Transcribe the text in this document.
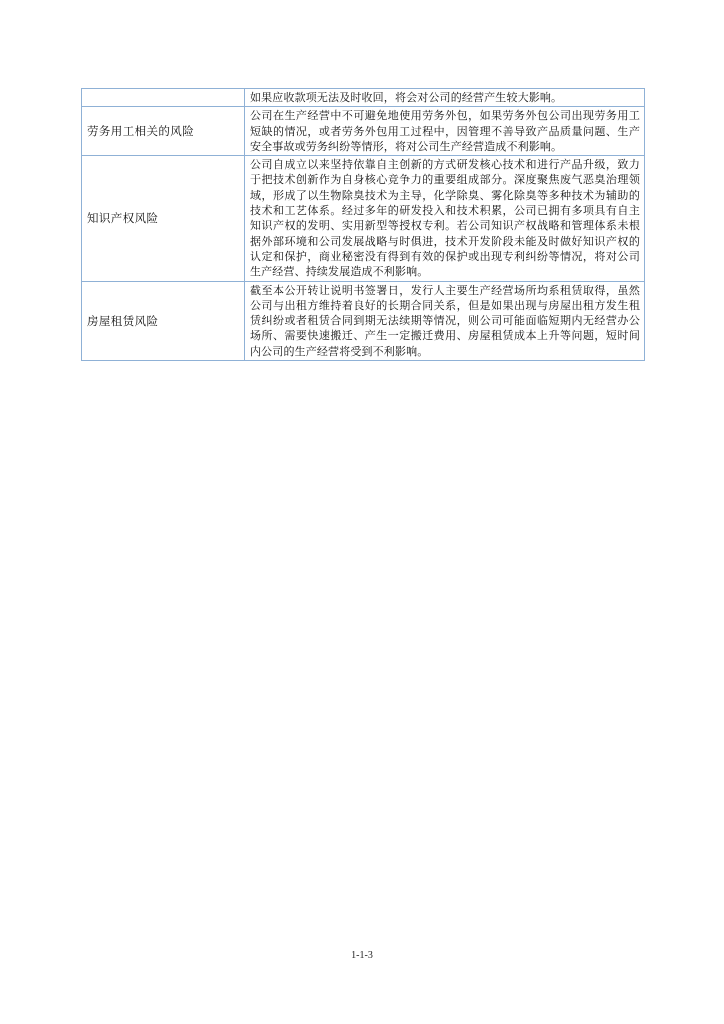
	如果应收款项无法及时收回，将会对公司的经营产生较大影响。
劳务用工相关的风险	公司在生产经营中不可避免地使用劳务外包，如果劳务外包公司出现劳务用工短缺的情况，或者劳务外包用工过程中，因管理不善导致产品质量问题、生产安全事故或劳务纠纷等情形，将对公司生产经营造成不利影响。
知识产权风险	公司自成立以来坚持依靠自主创新的方式研发核心技术和进行产品升级，致力于把技术创新作为自身核心竞争力的重要组成部分。深度聚焦废气恶臭治理领域，形成了以生物除臭技术为主导，化学除臭、雾化除臭等多种技术为辅助的技术和工艺体系。经过多年的研发投入和技术积累，公司已拥有多项具有自主知识产权的发明、实用新型等授权专利。若公司知识产权战略和管理体系未根据外部环境和公司发展战略与时俱进，技术开发阶段未能及时做好知识产权的认定和保护，商业秘密没有得到有效的保护或出现专利纠纷等情况，将对公司生产经营、持续发展造成不利影响。
房屋租赁风险	截至本公开转让说明书签署日，发行人主要生产经营场所均系租赁取得，虽然公司与出租方维持着良好的长期合同关系，但是如果出现与房屋出租方发生租赁纠纷或者租赁合同到期无法续期等情况，则公司可能面临短期内无经营办公场所、需要快速搬迁、产生一定搬迁费用、房屋租赁成本上升等问题，短时间内公司的生产经营将受到不利影响。
1-1-3
